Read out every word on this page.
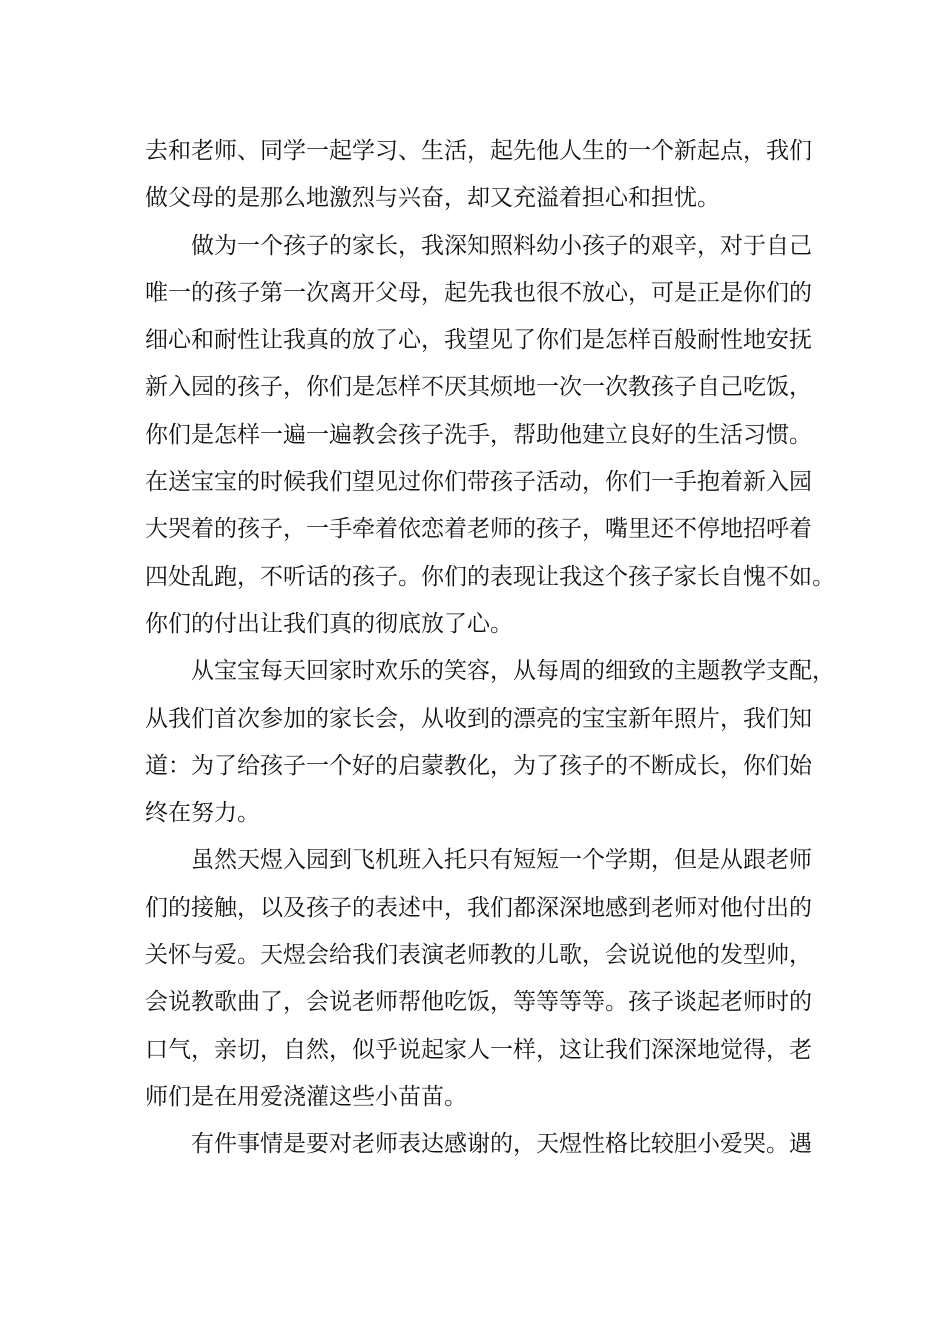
去和老师、同学一起学习、生活，起先他人生的一个新起点，我们
做父母的是那么地激烈与兴奋，却又充溢着担心和担忧。
做为一个孩子的家长，我深知照料幼小孩子的艰辛，对于自己
唯一的孩子第一次离开父母，起先我也很不放心，可是正是你们的
细心和耐性让我真的放了心，我望见了你们是怎样百般耐性地安抚
新入园的孩子，你们是怎样不厌其烦地一次一次教孩子自己吃饭，
你们是怎样一遍一遍教会孩子洗手，帮助他建立良好的生活习惯。
在送宝宝的时候我们望见过你们带孩子活动，你们一手抱着新入园
大哭着的孩子，一手牵着依恋着老师的孩子，嘴里还不停地招呼着
四处乱跑，不听话的孩子。你们的表现让我这个孩子家长自愧不如。
你们的付出让我们真的彻底放了心。
从宝宝每天回家时欢乐的笑容，从每周的细致的主题教学支配，
从我们首次参加的家长会，从收到的漂亮的宝宝新年照片，我们知
道：为了给孩子一个好的启蒙教化，为了孩子的不断成长，你们始
终在努力。
虽然天煜入园到飞机班入托只有短短一个学期，但是从跟老师
们的接触，以及孩子的表述中，我们都深深地感到老师对他付出的
关怀与爱。天煜会给我们表演老师教的儿歌，会说说他的发型帅，
会说教歌曲了，会说老师帮他吃饭，等等等等。孩子谈起老师时的
口气，亲切，自然，似乎说起家人一样，这让我们深深地觉得，老
师们是在用爱浇灌这些小苗苗。
有件事情是要对老师表达感谢的，天煜性格比较胆小爱哭。遇
